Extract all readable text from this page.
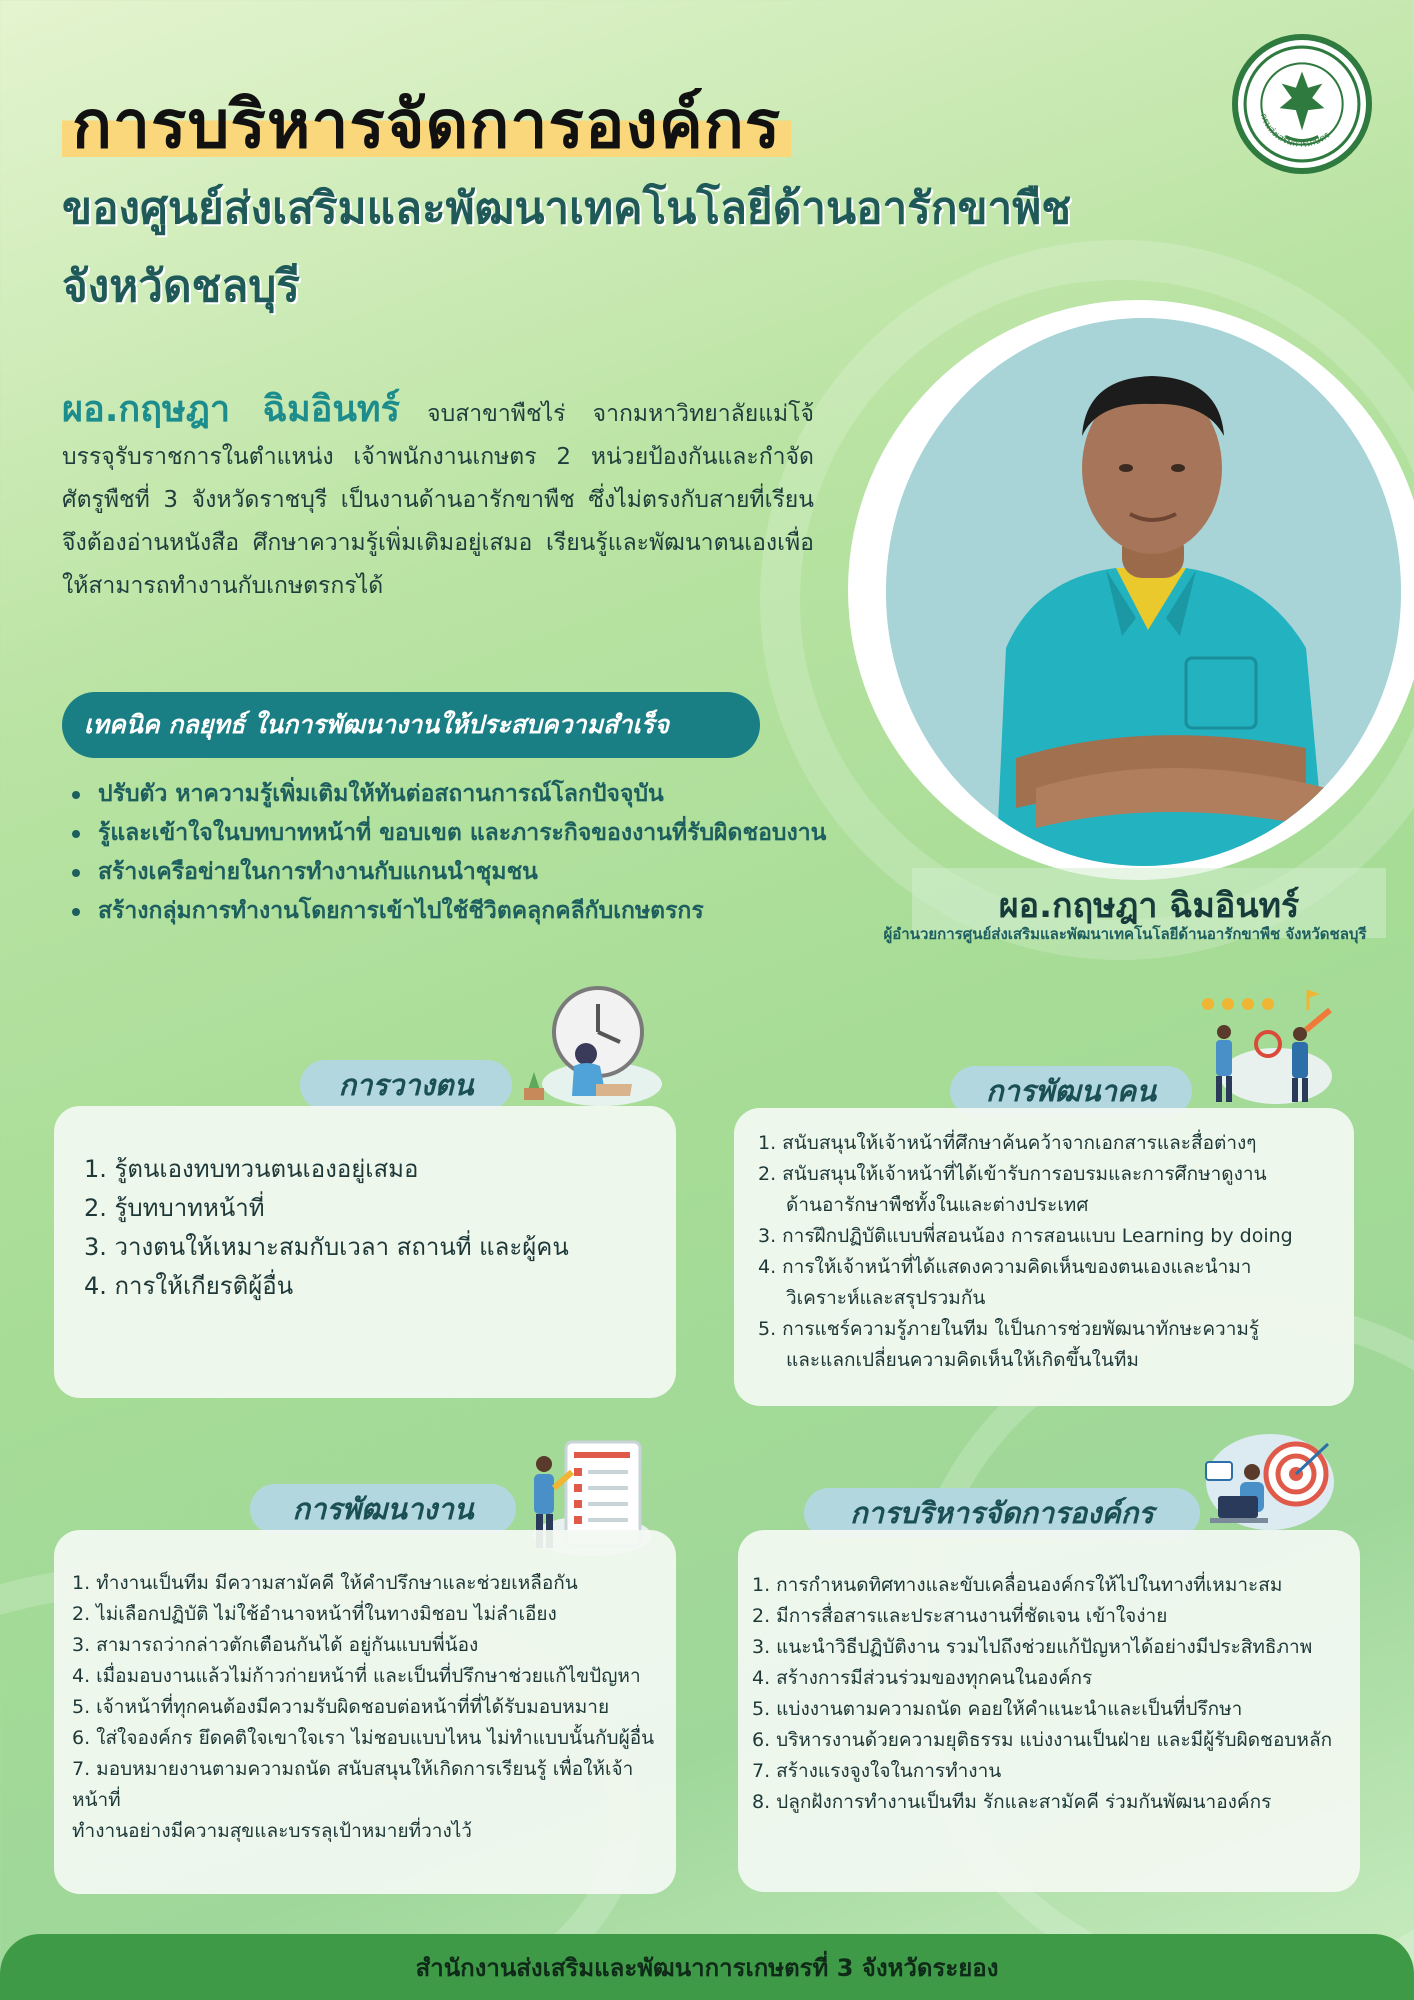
การบริหารจัดการองค์กร
ของศูนย์ส่งเสริมและพัฒนาเทคโนโลยีด้านอารักขาพืช
จังหวัดชลบุรี
กรมส่งเสริมการเกษตร

ผอ.กฤษฎา ฉิมอินทร์ จบสาขาพืชไร่ จากมหาวิทยาลัยแม่โจ้ บรรจุรับราชการในตำแหน่ง เจ้าพนักงานเกษตร 2 หน่วยป้องกันและกำจัดศัตรูพืชที่ 3 จังหวัดราชบุรี เป็นงานด้านอารักขาพืช ซึ่งไม่ตรงกับสายที่เรียน จึงต้องอ่านหนังสือ ศึกษาความรู้เพิ่มเติมอยู่เสมอ เรียนรู้และพัฒนาตนเองเพื่อให้สามารถทำงานกับเกษตรกรได้

ผอ.กฤษฎา ฉิมอินทร์
ผู้อำนวยการศูนย์ส่งเสริมและพัฒนาเทคโนโลยีด้านอารักขาพืช จังหวัดชลบุรี
เทคนิค กลยุทธ์ ในการพัฒนางานให้ประสบความสำเร็จ
ปรับตัว หาความรู้เพิ่มเติมให้ทันต่อสถานการณ์โลกปัจจุบัน
รู้และเข้าใจในบทบาทหน้าที่ ขอบเขต และภาระกิจของงานที่รับผิดชอบงาน
สร้างเครือข่ายในการทำงานกับแกนนำชุมชน
สร้างกลุ่มการทำงานโดยการเข้าไปใช้ชีวิตคลุกคลีกับเกษตรกร
การวางตน
1. รู้ตนเองทบทวนตนเองอยู่เสมอ
2. รู้บทบาทหน้าที่
3. วางตนให้เหมาะสมกับเวลา สถานที่ และผู้คน
4. การให้เกียรติผู้อื่น
การพัฒนาคน
1. สนับสนุนให้เจ้าหน้าที่ศึกษาค้นคว้าจากเอกสารและสื่อต่างๆ
2. สนับสนุนให้เจ้าหน้าที่ได้เข้ารับการอบรมและการศึกษาดูงาน
ด้านอารักษาพืชทั้งในและต่างประเทศ
3. การฝึกปฏิบัติแบบพี่สอนน้อง การสอนแบบ Learning by doing
4. การให้เจ้าหน้าที่ได้แสดงความคิดเห็นของตนเองและนำมา
วิเคราะห์และสรุปรวมกัน
5. การแชร์ความรู้ภายในทีม ใเป็นการช่วยพัฒนาทักษะความรู้
และแลกเปลี่ยนความคิดเห็นให้เกิดขึ้นในทีม
การพัฒนางาน
1. ทำงานเป็นทีม มีความสามัคคี ให้คำปรึกษาและช่วยเหลือกัน
2. ไม่เลือกปฏิบัติ ไม่ใช้อำนาจหน้าที่ในทางมิชอบ ไม่ลำเอียง
3. สามารถว่ากล่าวตักเตือนกันได้ อยู่กันแบบพี่น้อง
4. เมื่อมอบงานแล้วไม่ก้าวก่ายหน้าที่ และเป็นที่ปรึกษาช่วยแก้ไขปัญหา
5. เจ้าหน้าที่ทุกคนต้องมีความรับผิดชอบต่อหน้าที่ที่ได้รับมอบหมาย
6. ใส่ใจองค์กร ยึดคติใจเขาใจเรา ไม่ชอบแบบไหน ไม่ทำแบบนั้นกับผู้อื่น
7. มอบหมายงานตามความถนัด สนับสนุนให้เกิดการเรียนรู้ เพื่อให้เจ้าหน้าที่
ทำงานอย่างมีความสุขและบรรลุเป้าหมายที่วางไว้
การบริหารจัดการองค์กร
1. การกำหนดทิศทางและขับเคลื่อนองค์กรให้ไปในทางที่เหมาะสม
2. มีการสื่อสารและประสานงานที่ชัดเจน เข้าใจง่าย
3. แนะนำวิธีปฏิบัติงาน รวมไปถึงช่วยแก้ปัญหาได้อย่างมีประสิทธิภาพ
4. สร้างการมีส่วนร่วมของทุกคนในองค์กร
5. แบ่งงานตามความถนัด คอยให้คำแนะนำและเป็นที่ปรึกษา
6. บริหารงานด้วยความยุติธรรม แบ่งงานเป็นฝ่าย และมีผู้รับผิดชอบหลัก
7. สร้างแรงจูงใจในการทำงาน
8. ปลูกฝังการทำงานเป็นทีม รักและสามัคคี ร่วมกันพัฒนาองค์กร
สำนักงานส่งเสริมและพัฒนาการเกษตรที่ 3 จังหวัดระยอง
